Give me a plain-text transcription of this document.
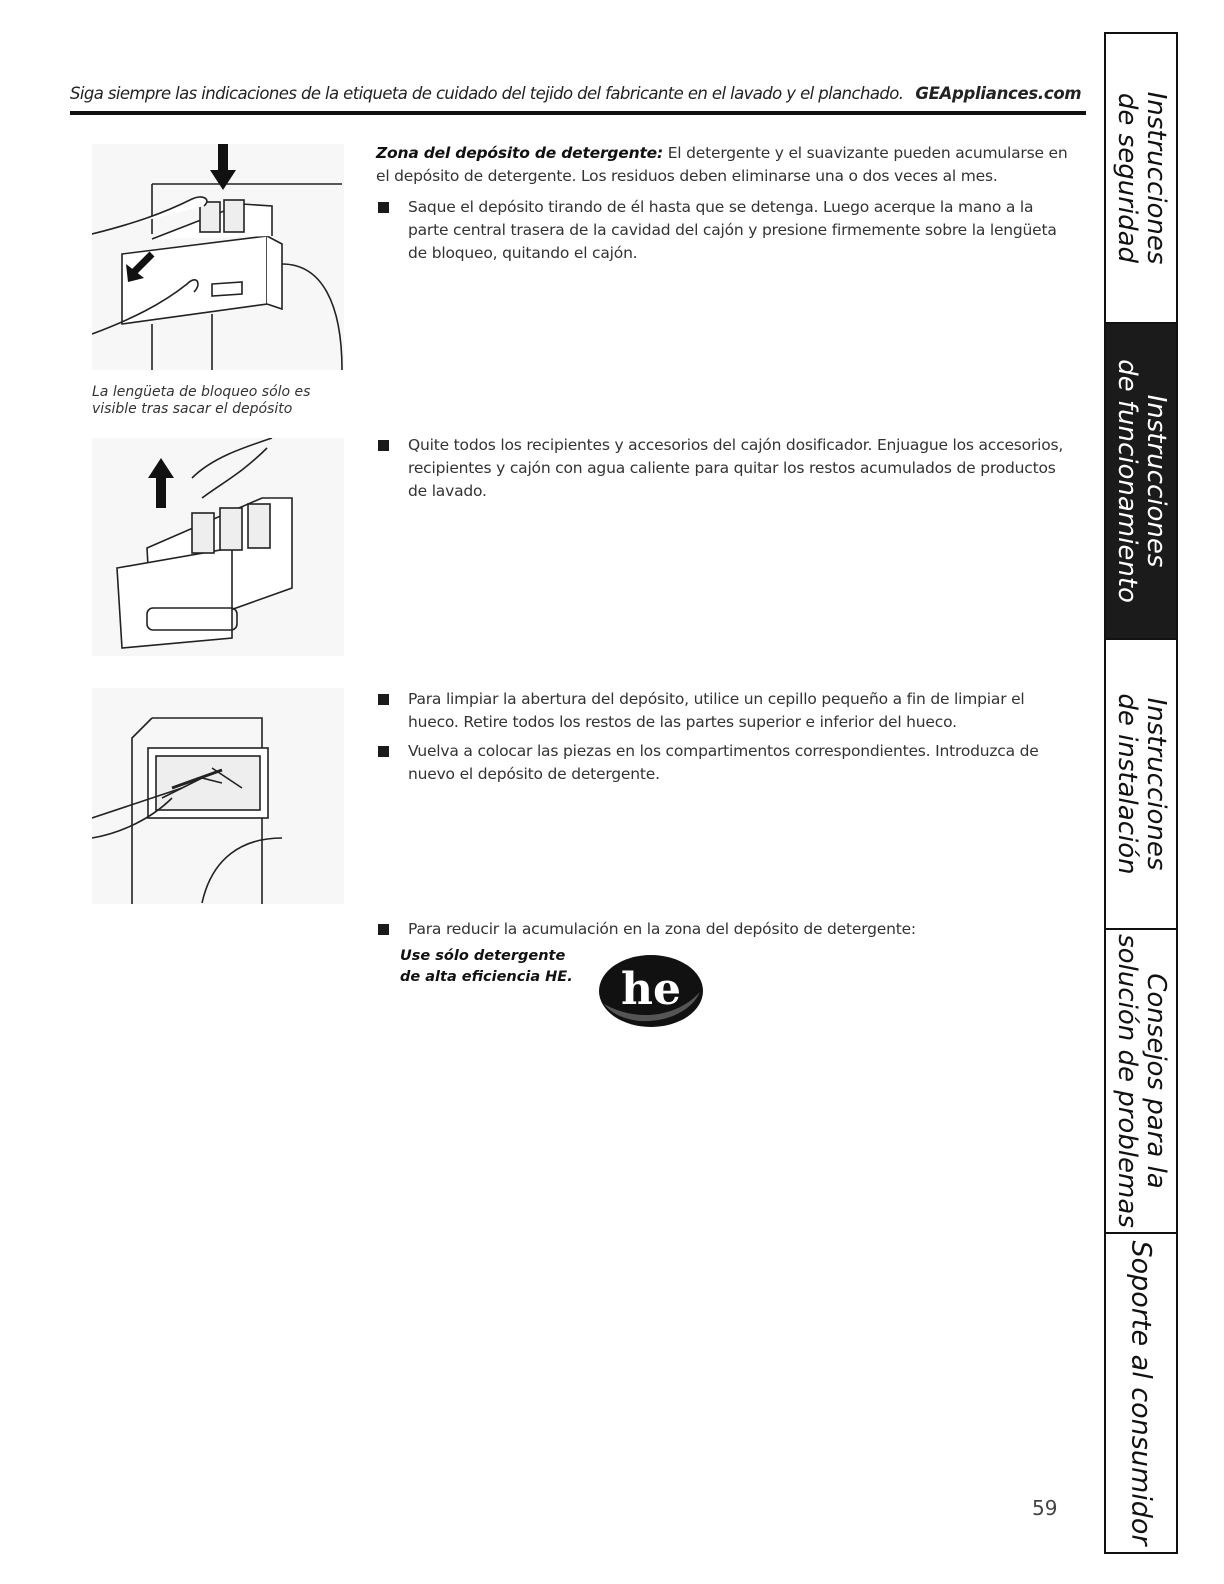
Siga siempre las indicaciones de la etiqueta de cuidado del tejido del fabricante en el lavado y el planchado. GEAppliances.com
La lengüeta de bloqueo sólo es visible tras sacar el depósito
Zona del depósito de detergente: El detergente y el suavizante pueden acumularse en el depósito de detergente. Los residuos deben eliminarse una o dos veces al mes.
Saque el depósito tirando de él hasta que se detenga. Luego acerque la mano a la parte central trasera de la cavidad del cajón y presione firmemente sobre la lengüeta de bloqueo, quitando el cajón.
Quite todos los recipientes y accesorios del cajón dosificador. Enjuague los accesorios, recipientes y cajón con agua caliente para quitar los restos acumulados de productos de lavado.
Para limpiar la abertura del depósito, utilice un cepillo pequeño a fin de limpiar el hueco. Retire todos los restos de las partes superior e inferior del hueco.
Vuelva a colocar las piezas en los compartimentos correspondientes. Introduzca de nuevo el depósito de detergente.
Para reducir la acumulación en la zona del depósito de detergente:
Use sólo detergente de alta eficiencia HE. he
59
Instrucciones
de seguridad
Instrucciones
de funcionamiento
Instrucciones
de instalación
Consejos para la
solución de problemas
Soporte al consumidor
